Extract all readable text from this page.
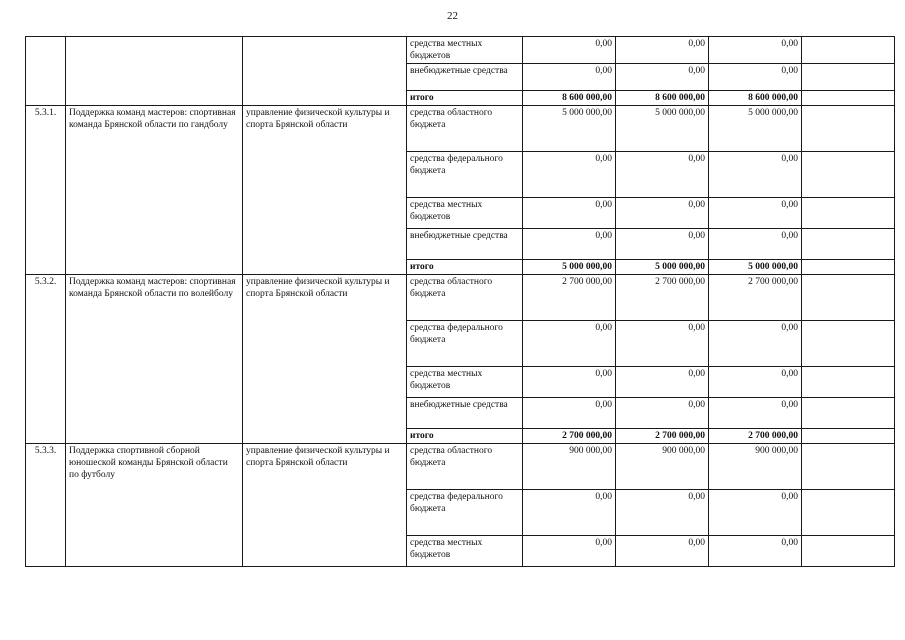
22
			средства местных бюджетов	0,00	0,00	0,00	
			внебюджетные средства	0,00	0,00	0,00	
			итого	8 600 000,00	8 600 000,00	8 600 000,00	
5.3.1.	Поддержка команд мастеров: спортивная команда Брянской области по гандболу	управление физической культуры и спорта Брянской области	средства областного бюджета	5 000 000,00	5 000 000,00	5 000 000,00	
			средства федерального бюджета	0,00	0,00	0,00	
			средства местных бюджетов	0,00	0,00	0,00	
			внебюджетные средства	0,00	0,00	0,00	
			итого	5 000 000,00	5 000 000,00	5 000 000,00	
5.3.2.	Поддержка команд мастеров: спортивная команда Брянской области по волейболу	управление физической культуры и спорта Брянской области	средства областного бюджета	2 700 000,00	2 700 000,00	2 700 000,00	
			средства федерального бюджета	0,00	0,00	0,00	
			средства местных бюджетов	0,00	0,00	0,00	
			внебюджетные средства	0,00	0,00	0,00	
			итого	2 700 000,00	2 700 000,00	2 700 000,00	
5.3.3.	Поддержка спортивной сборной юношеской команды Брянской области по футболу	управление физической культуры и спорта Брянской области	средства областного бюджета	900 000,00	900 000,00	900 000,00	
			средства федерального бюджета	0,00	0,00	0,00	
			средства местных бюджетов	0,00	0,00	0,00	
